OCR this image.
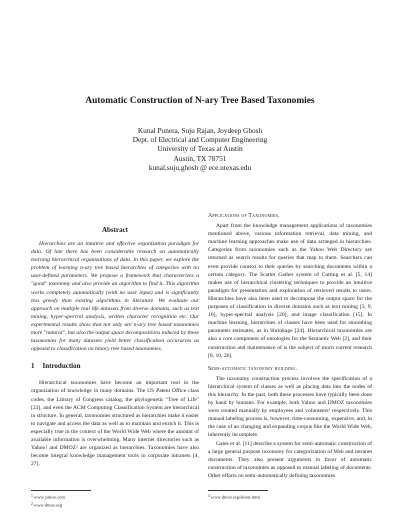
Automatic Construction of N-ary Tree Based Taxonomies
Kunal Punera, Suju Rajan, Joydeep Ghosh
Dept. of Electrical and Computer Engineering
University of Texas at Austin
Austin, TX 78751
kunal,suju,ghosh @ ece.utexas.edu
Abstract

Hierarchies are an intuitive and effective organization paradigm for data. Of late there has been considerable research on automatically learning hierarchical organizations of data. In this paper, we explore the problem of learning n-ary tree based hierarchies of categories with no user-defined parameters. We propose a framework that characterizes a "good" taxonomy and also provide an algorithm to find it. This algorithm works completely automatically (with no user input) and is significantly less greedy than existing algorithms in literature. We evaluate our approach on multiple real life datasets from diverse domains, such as text mining, hyper-spectral analysis, written character recognition etc. Our experimental results show that not only are n-ary tree based taxonomies more "natural", but also the output space decompositions induced by these taxonomies for many datasets yield better classification accuracies as opposed to classification on binary tree based taxonomies.

1 Introduction

Hierarchical taxonomies have become an important tool in the organization of knowledge in many domains. The US Patent Office class codes, the Library of Congress catalog, the phylogenetic "Tree of Life" [23], and even the ACM Computing Classification System are hierarchical in structure. In general, taxonomies structured as hierarchies make it easier to navigate and access the data as well as to maintain and enrich it. This is especially true in the context of the World Wide Web where the amount of available information is overwhelming. Many internet directories such as Yahoo! and DMOZ² are organized as hierarchies. Taxonomies have also become integral knowledge management tools in corporate intranets [4, 27].

$^1$www.yahoo.com

$^2$www.dmoz.org

Applications of Taxonomies.

Apart from the knowledge management applications of taxonomies mentioned above, various information retrieval, data mining, and machine learning approaches make use of data arranged in hierarchies. Categories from taxonomies such as the Yahoo Web Directory are returned as search results for queries that map to them. Searchers can even provide context to their queries by searching documents within a certain category. The Scatter Gather system of Cutting et al. [5, 14] makes use of hierarchical clustering techniques to provide an intuitive paradigm for presentation and exploration of retrieved results to users. Hierarchies have also been used to decompose the output space for the purposes of classification in diverse domains such as text mining [3, 9, 16], hyper-spectral analysis [20], and image classification [15]. In machine learning, hierarchies of classes have been used for smoothing parameter estimates, as in Shrinkage [24]. Hierarchical taxonomies are also a core component of ontologies for the Semantic Web [2], and their construction and maintenance of is the subject of much current research [8, 10, 26].

Semi-automatic taxonomy building.

The taxonomy construction process involves the specification of a hierarchical system of classes as well as placing data into the nodes of this hierarchy. In the past, both these processes have typically been done by hand by humans. For example, both Yahoo and DMOZ taxonomies were created manually by employees and volunteers³ respectively. This manual labeling process is, however, time-consuming, expensive, and, in the case of an changing and expanding corpus like the World Wide Web, inherently incomplete.

Gates et al. [11] describe a system for semi-automatic construction of a large general purpose taxonomy for categorization of Web and intranet documents. They also present arguments in favor of automatic construction of taxonomies as opposed to manual labeling of documents. Other efforts on semi-automatically defining taxonomies

$^3$www.dmoz.org/about.html
